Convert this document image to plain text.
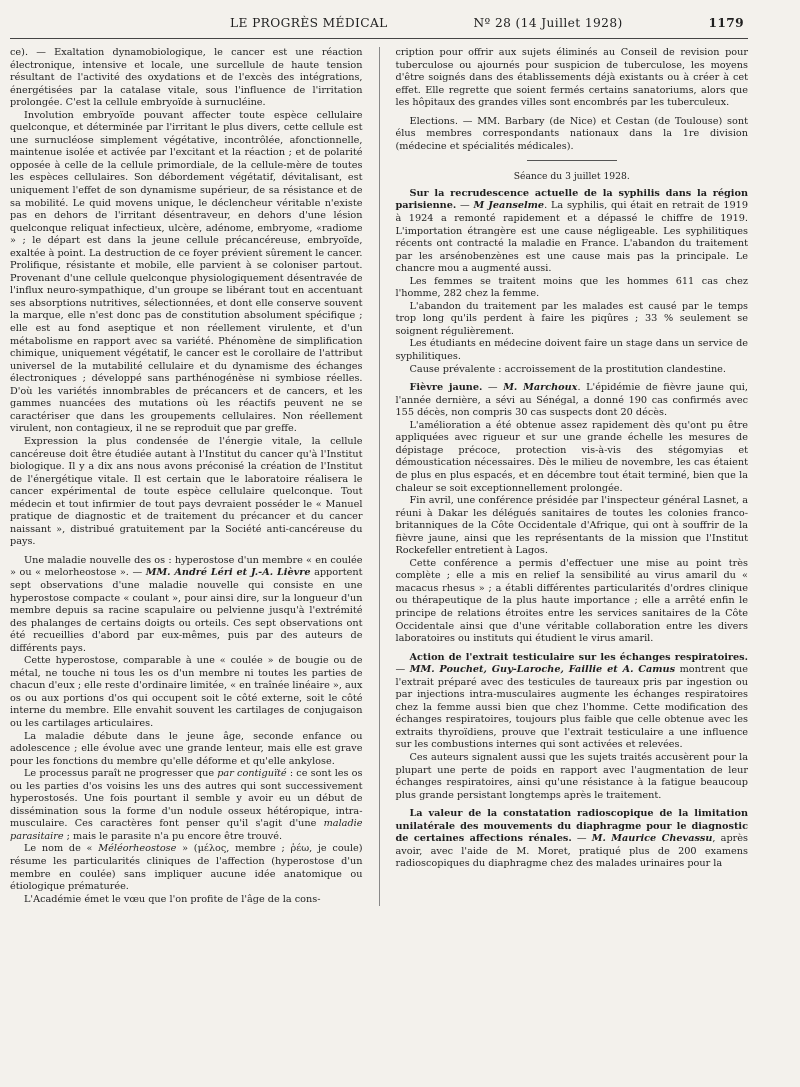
LE PROGRÈS MÉDICAL	Nº 28 (14 Juillet 1928)	1179

ce). — Exaltation dynamobiologique, le cancer est une réaction électronique, intensive et locale, une surcellule de haute tension résultant de l'activité des oxydations et de l'excès des intégrations, énergétisées par la catalase vitale, sous l'influence de l'irritation prolongée. C'est la cellule embryoïde à surnucléine.

Involution embryoïde pouvant affecter toute espèce cellulaire quelconque, et déterminée par l'irritant le plus divers, cette cellule est une surnucléose simplement végétative, incontrôlée, afonctionnelle, maintenue isolée et activée par l'excitant et la réaction ; et de polarité opposée à celle de la cellule primordiale, de la cellule-mère de toutes les espèces cellulaires. Son débordement végétatif, dévitalisant, est uniquement l'effet de son dynamisme supérieur, de sa résistance et de sa mobilité. Le quid movens unique, le déclencheur véritable n'existe pas en dehors de l'irritant désentraveur, en dehors d'une lésion quelconque reliquat infectieux, ulcère, adénome, embryome, «radiome » ; le départ est dans la jeune cellule précancéreuse, embryoïde, exaltée à point. La destruction de ce foyer prévient sûrement le cancer. Prolifique, résistante et mobile, elle parvient à se coloniser partout. Provenant d'une cellule quelconque physiologiquement désentravée de l'influx neuro-sympathique, d'un groupe se libérant tout en accentuant ses absorptions nutritives, sélectionnées, et dont elle conserve souvent la marque, elle n'est donc pas de constitution absolument spécifique ; elle est au fond aseptique et non réellement virulente, et d'un métabolisme en rapport avec sa variété. Phénomène de simplification chimique, uniquement végétatif, le cancer est le corollaire de l'attribut universel de la mutabilité cellulaire et du dynamisme des échanges électroniques ; développé sans parthénogénèse ni symbiose réelles. D'où les variétés innombrables de précancers et de cancers, et les gammes nuancées des mutations où les réactifs peuvent ne se caractériser que dans les groupements cellulaires. Non réellement virulent, non contagieux, il ne se reproduit que par greffe.

Expression la plus condensée de l'énergie vitale, la cellule cancéreuse doit être étudiée autant à l'Institut du cancer qu'à l'Institut biologique. Il y a dix ans nous avons préconisé la création de l'Institut de l'énergétique vitale. Il est certain que le laboratoire réalisera le cancer expérimental de toute espèce cellulaire quelconque. Tout médecin et tout infirmier de tout pays devraient posséder le « Manuel pratique de diagnostic et de traitement du précancer et du cancer naissant », distribué gratuitement par la Société anti-cancéreuse du pays.

Une maladie nouvelle des os : hyperostose d'un membre « en coulée » ou « melorheostose ». — MM. André Léri et J.-A. Lièvre apportent sept observations d'une maladie nouvelle qui consiste en une hyperostose compacte « coulant », pour ainsi dire, sur la longueur d'un membre depuis sa racine scapulaire ou pelvienne jusqu'à l'extrémité des phalanges de certains doigts ou orteils. Ces sept observations ont été recueillies d'abord par eux-mêmes, puis par des auteurs de différents pays.

Cette hyperostose, comparable à une « coulée » de bougie ou de métal, ne touche ni tous les os d'un membre ni toutes les parties de chacun d'eux ; elle reste d'ordinaire limitée, « en traînée linéaire », aux os ou aux portions d'os qui occupent soit le côté externe, soit le côté interne du membre. Elle envahit souvent les cartilages de conjugaison ou les cartilages articulaires.

La maladie débute dans le jeune âge, seconde enfance ou adolescence ; elle évolue avec une grande lenteur, mais elle est grave pour les fonctions du membre qu'elle déforme et qu'elle ankylose.

Le processus paraît ne progresser que par contiguïté : ce sont les os ou les parties d'os voisins les uns des autres qui sont successivement hyperostosés. Une fois pourtant il semble y avoir eu un début de dissémination sous la forme d'un nodule osseux hétéropique, intra-musculaire. Ces caractères font penser qu'il s'agit d'une maladie parasitaire ; mais le parasite n'a pu encore être trouvé.

Le nom de « Méléorheostose » (μέλος, membre ; ῥέω, je coule) résume les particularités cliniques de l'affection (hyperostose d'un membre en coulée) sans impliquer aucune idée anatomique ou étiologique prématurée.

L'Académie émet le vœu que l'on profite de l'âge de la cons-

cription pour offrir aux sujets éliminés au Conseil de revision pour tuberculose ou ajournés pour suspicion de tuberculose, les moyens d'être soignés dans des établissements déjà existants ou à créer à cet effet. Elle regrette que soient fermés certains sanatoriums, alors que les hôpitaux des grandes villes sont encombrés par les tuberculeux.

Elections. — MM. Barbary (de Nice) et Cestan (de Toulouse) sont élus membres correspondants nationaux dans la 1re division (médecine et spécialités médicales).

Séance du 3 juillet 1928.

Sur la recrudescence actuelle de la syphilis dans la région parisienne. — M Jeanselme. La syphilis, qui était en retrait de 1919 à 1924 a remonté rapidement et a dépassé le chiffre de 1919. L'importation étrangère est une cause négligeable. Les syphilitiques récents ont contracté la maladie en France. L'abandon du traitement par les arsénobenzènes est une cause mais pas la principale. Le chancre mou a augmenté aussi.

Les femmes se traitent moins que les hommes 611 cas chez l'homme, 282 chez la femme.

L'abandon du traitement par les malades est causé par le temps trop long qu'ils perdent à faire les piqûres ; 33 % seulement se soignent régulièrement.

Les étudiants en médecine doivent faire un stage dans un service de syphilitiques.

Cause prévalente : accroissement de la prostitution clandestine.

Fièvre jaune. — M. Marchoux. L'épidémie de fièvre jaune qui, l'année dernière, a sévi au Sénégal, a donné 190 cas confirmés avec 155 décès, non compris 30 cas suspects dont 20 décès.

L'amélioration a été obtenue assez rapidement dès qu'ont pu être appliquées avec rigueur et sur une grande échelle les mesures de dépistage précoce, protection vis-à-vis des stégomyias et démoustication nécessaires. Dès le milieu de novembre, les cas étaient de plus en plus espacés, et en décembre tout était terminé, bien que la chaleur se soit exceptionnellement prolongée.

Fin avril, une conférence présidée par l'inspecteur général Lasnet, a réuni à Dakar les délégués sanitaires de toutes les colonies franco-britanniques de la Côte Occidentale d'Afrique, qui ont à souffrir de la fièvre jaune, ainsi que les représentants de la mission que l'Institut Rockefeller entretient à Lagos.

Cette conférence a permis d'effectuer une mise au point très complète ; elle a mis en relief la sensibilité au virus amaril du « macacus rhesus » ; a établi différentes particularités d'ordres clinique ou thérapeutique de la plus haute importance ; elle a arrêté enfin le principe de relations étroites entre les services sanitaires de la Côte Occidentale ainsi que d'une véritable collaboration entre les divers laboratoires ou instituts qui étudient le virus amaril.

Action de l'extrait testiculaire sur les échanges respiratoires. — MM. Pouchet, Guy-Laroche, Faillie et A. Camus montrent que l'extrait préparé avec des testicules de taureaux pris par ingestion ou par injections intra-musculaires augmente les échanges respiratoires chez la femme aussi bien que chez l'homme. Cette modification des échanges respiratoires, toujours plus faible que celle obtenue avec les extraits thyroïdiens, prouve que l'extrait testiculaire a une influence sur les combustions internes qui sont activées et relevées.

Ces auteurs signalent aussi que les sujets traités accusèrent pour la plupart une perte de poids en rapport avec l'augmentation de leur échanges respiratoires, ainsi qu'une résistance à la fatigue beaucoup plus grande persistant longtemps après le traitement.

La valeur de la constatation radioscopique de la limitation unilatérale des mouvements du diaphragme pour le diagnostic de certaines affections rénales. — M. Maurice Chevassu, après avoir, avec l'aide de M. Moret, pratiqué plus de 200 examens radioscopiques du diaphragme chez des malades urinaires pour la
